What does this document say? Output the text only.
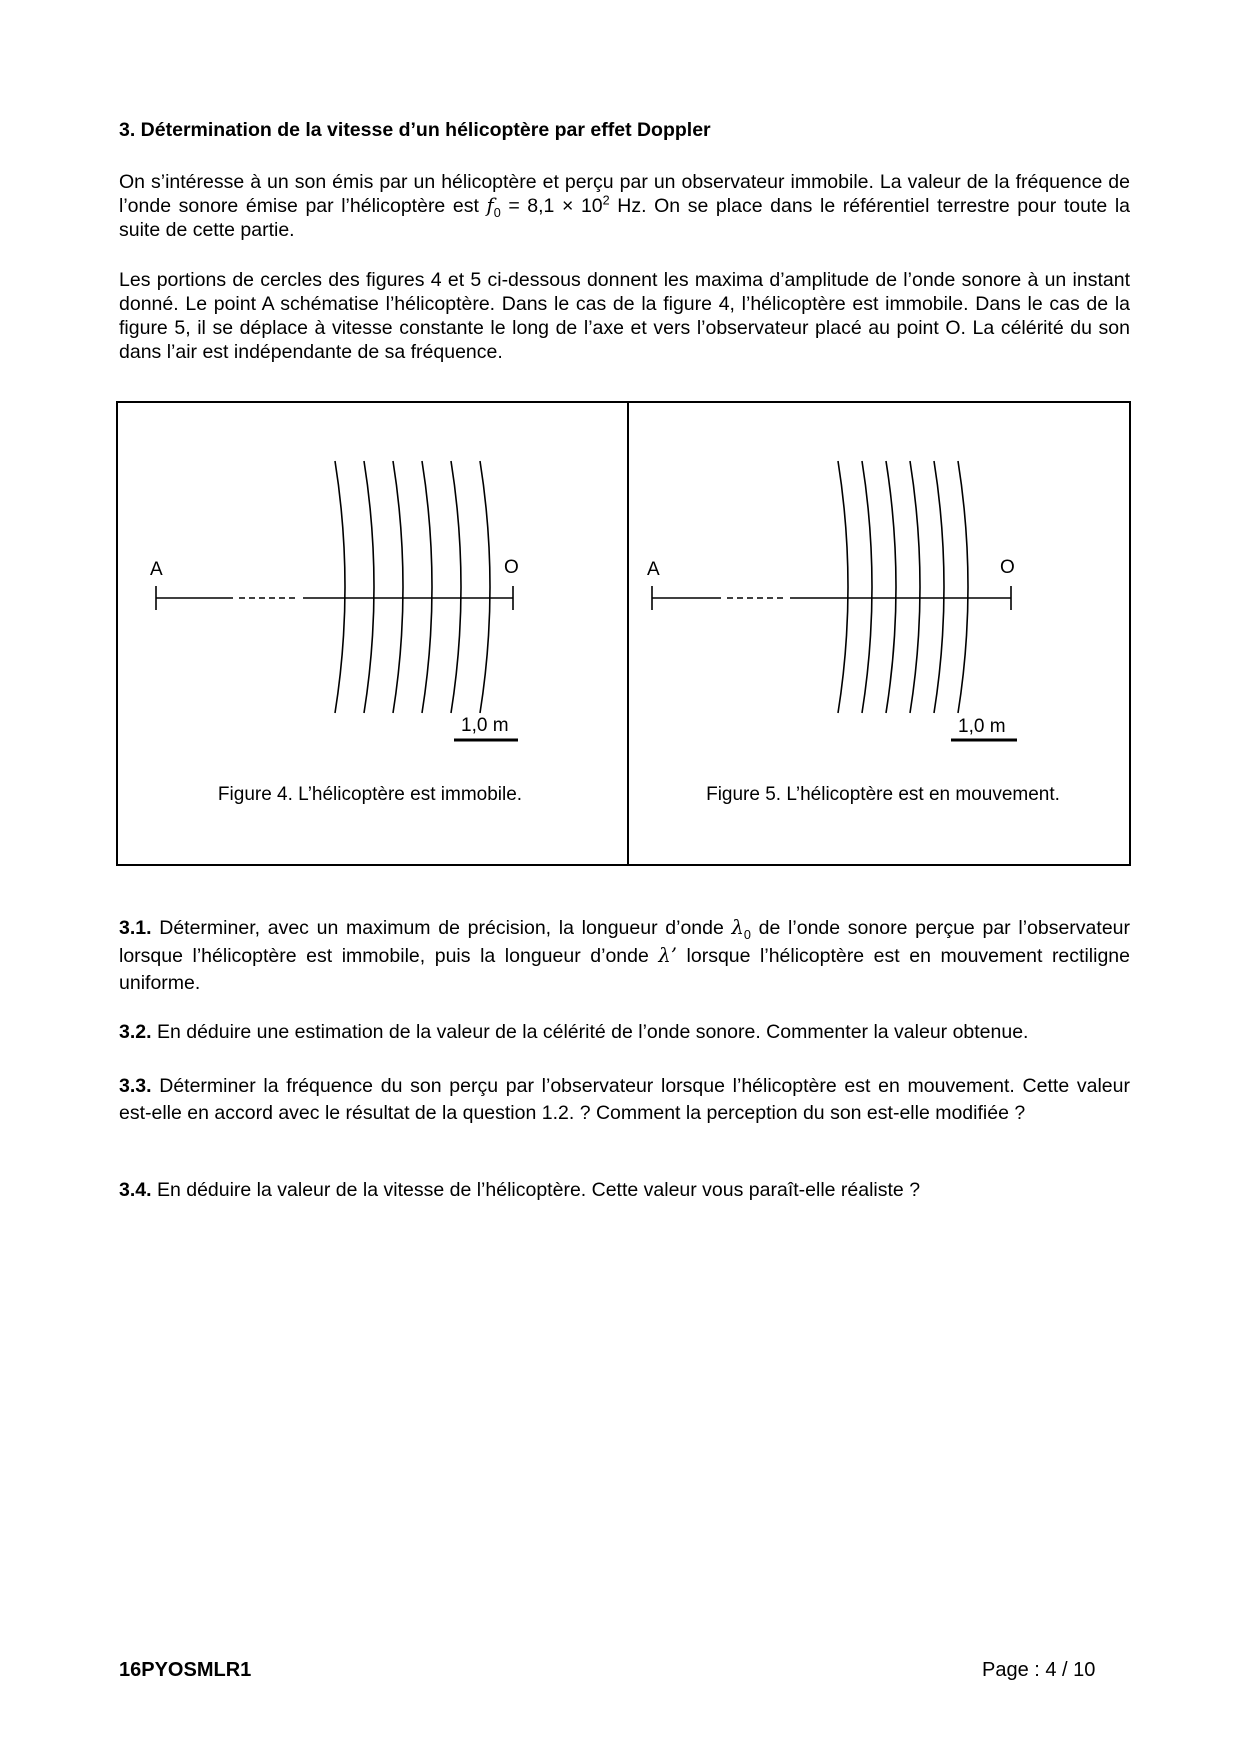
3. Détermination de la vitesse d’un hélicoptère par effet Doppler
On s’intéresse à un son émis par un hélicoptère et perçu par un observateur immobile. La valeur de la fréquence de l’onde sonore émise par l’hélicoptère est $f_0 = 8,1 \times 10^2$ Hz. On se place dans le référentiel terrestre pour toute la suite de cette partie.
Les portions de cercles des figures 4 et 5 ci-dessous donnent les maxima d’amplitude de l’onde sonore à un instant donné. Le point A schématise l’hélicoptère. Dans le cas de la figure 4, l’hélicoptère est immobile. Dans le cas de la figure 5, il se déplace à vitesse constante le long de l’axe et vers l’observateur placé au point O. La célérité du son dans l’air est indépendante de sa fréquence.
A	O
1,0 m
Figure 4. L’hélicoptère est immobile.
A	O
1,0 m
Figure 5. L’hélicoptère est en mouvement.
3.1. Déterminer, avec un maximum de précision, la longueur d’onde $\lambda_0$ de l’onde sonore perçue par l’observateur lorsque l’hélicoptère est immobile, puis la longueur d’onde λ’ lorsque l’hélicoptère est en mouvement rectiligne uniforme.
3.2. En déduire une estimation de la valeur de la célérité de l’onde sonore. Commenter la valeur obtenue.
3.3. Déterminer la fréquence du son perçu par l’observateur lorsque l’hélicoptère est en mouvement. Cette valeur est-elle en accord avec le résultat de la question 1.2. ? Comment la perception du son est-elle modifiée ?
3.4. En déduire la valeur de la vitesse de l’hélicoptère. Cette valeur vous paraît-elle réaliste ?
16PYOSMLR1	Page : 4 / 10
